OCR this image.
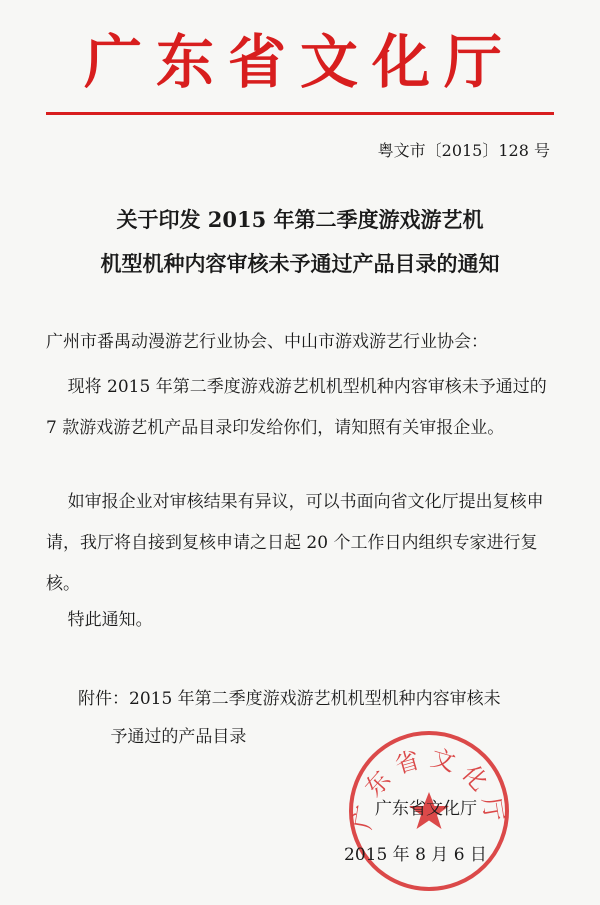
广东省文化厅
粤文市〔2015〕128 号
关于印发 2015 年第二季度游戏游艺机
机型机种内容审核未予通过产品目录的通知
广州市番禺动漫游艺行业协会、中山市游戏游艺行业协会：
现将 2015 年第二季度游戏游艺机机型机种内容审核未予通过的 7 款游戏游艺机产品目录印发给你们，请知照有关审报企业。
如审报企业对审核结果有异议，可以书面向省文化厅提出复核申请，我厅将自接到复核申请之日起 20 个工作日内组织专家进行复核。
特此通知。
附件：2015 年第二季度游戏游艺机机型机种内容审核未
予通过的产品目录
广东省文化厅
广东省文化厅
2015 年 8 月 6 日
